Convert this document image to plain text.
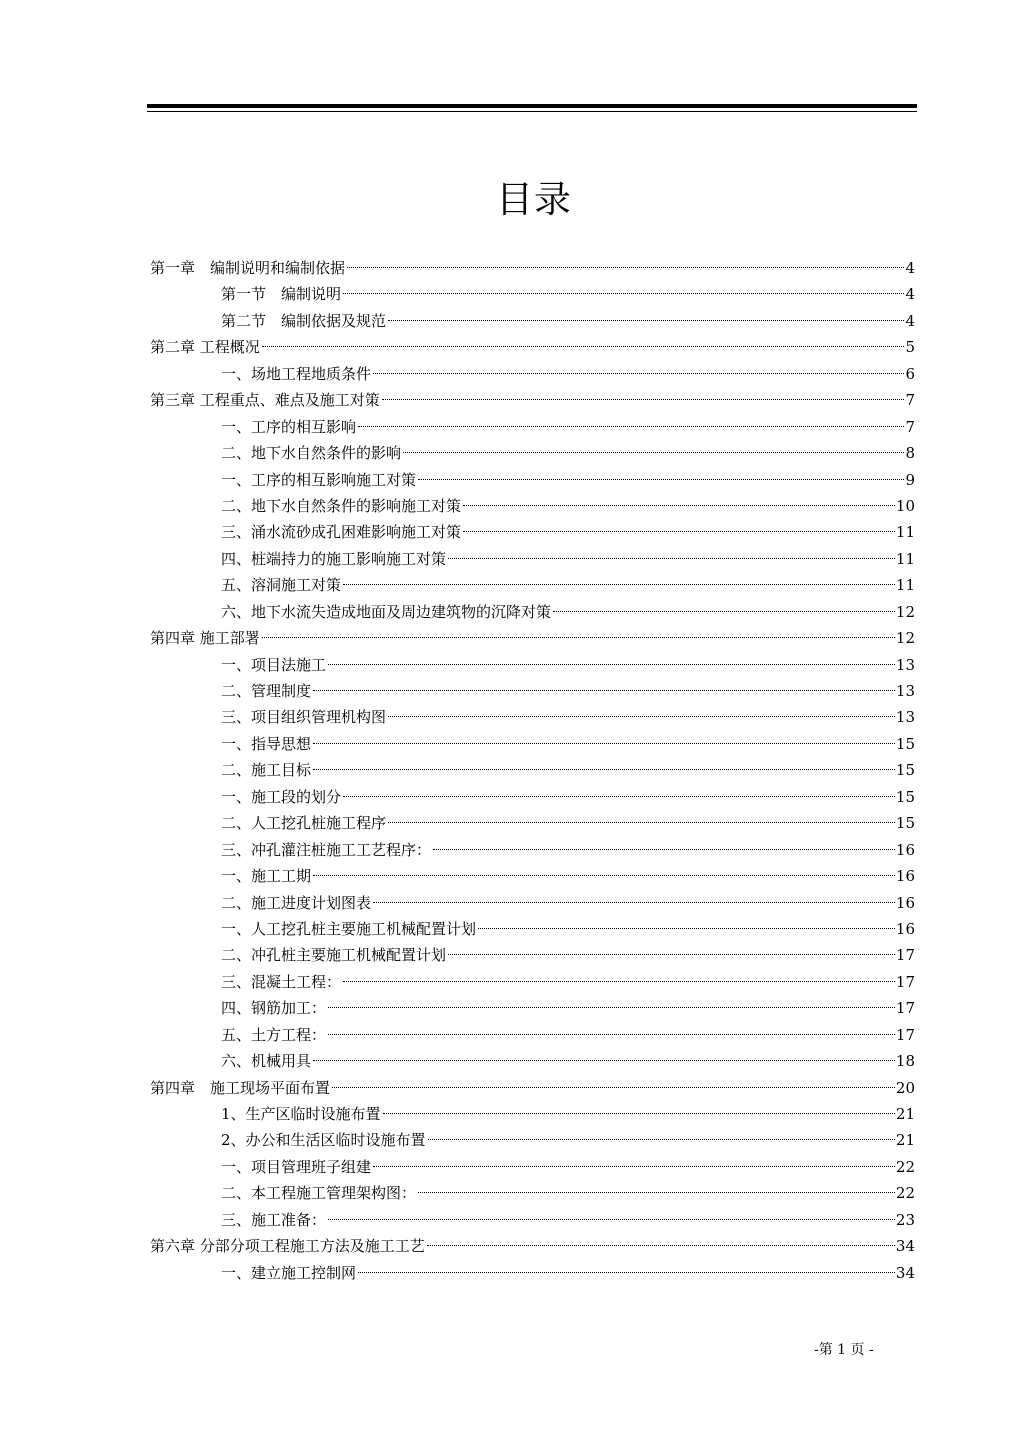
目录
第一章　编制说明和编制依据	4
第一节　编制说明	4
第二节　编制依据及规范	4
第二章 工程概况	5
一、场地工程地质条件	6
第三章 工程重点、难点及施工对策	7
一、工序的相互影响	7
二、地下水自然条件的影响	8
一、工序的相互影响施工对策	9
二、地下水自然条件的影响施工对策	10
三、涌水流砂成孔困难影响施工对策	11
四、桩端持力的施工影响施工对策	11
五、溶洞施工对策	11
六、地下水流失造成地面及周边建筑物的沉降对策	12
第四章 施工部署	12
一、项目法施工	13
二、管理制度	13
三、项目组织管理机构图	13
一、指导思想	15
二、施工目标	15
一、施工段的划分	15
二、人工挖孔桩施工程序	15
三、冲孔灌注桩施工工艺程序：	16
一、施工工期	16
二、施工进度计划图表	16
一、人工挖孔桩主要施工机械配置计划	16
二、冲孔桩主要施工机械配置计划	17
三、混凝土工程：	17
四、钢筋加工：	17
五、土方工程：	17
六、机械用具	18
第四章　施工现场平面布置	20
1、生产区临时设施布置	21
2、办公和生活区临时设施布置	21
一、项目管理班子组建	22
二、本工程施工管理架构图：	22
三、施工准备：	23
第六章 分部分项工程施工方法及施工工艺	34
一、建立施工控制网	34
-第 1 页 -
